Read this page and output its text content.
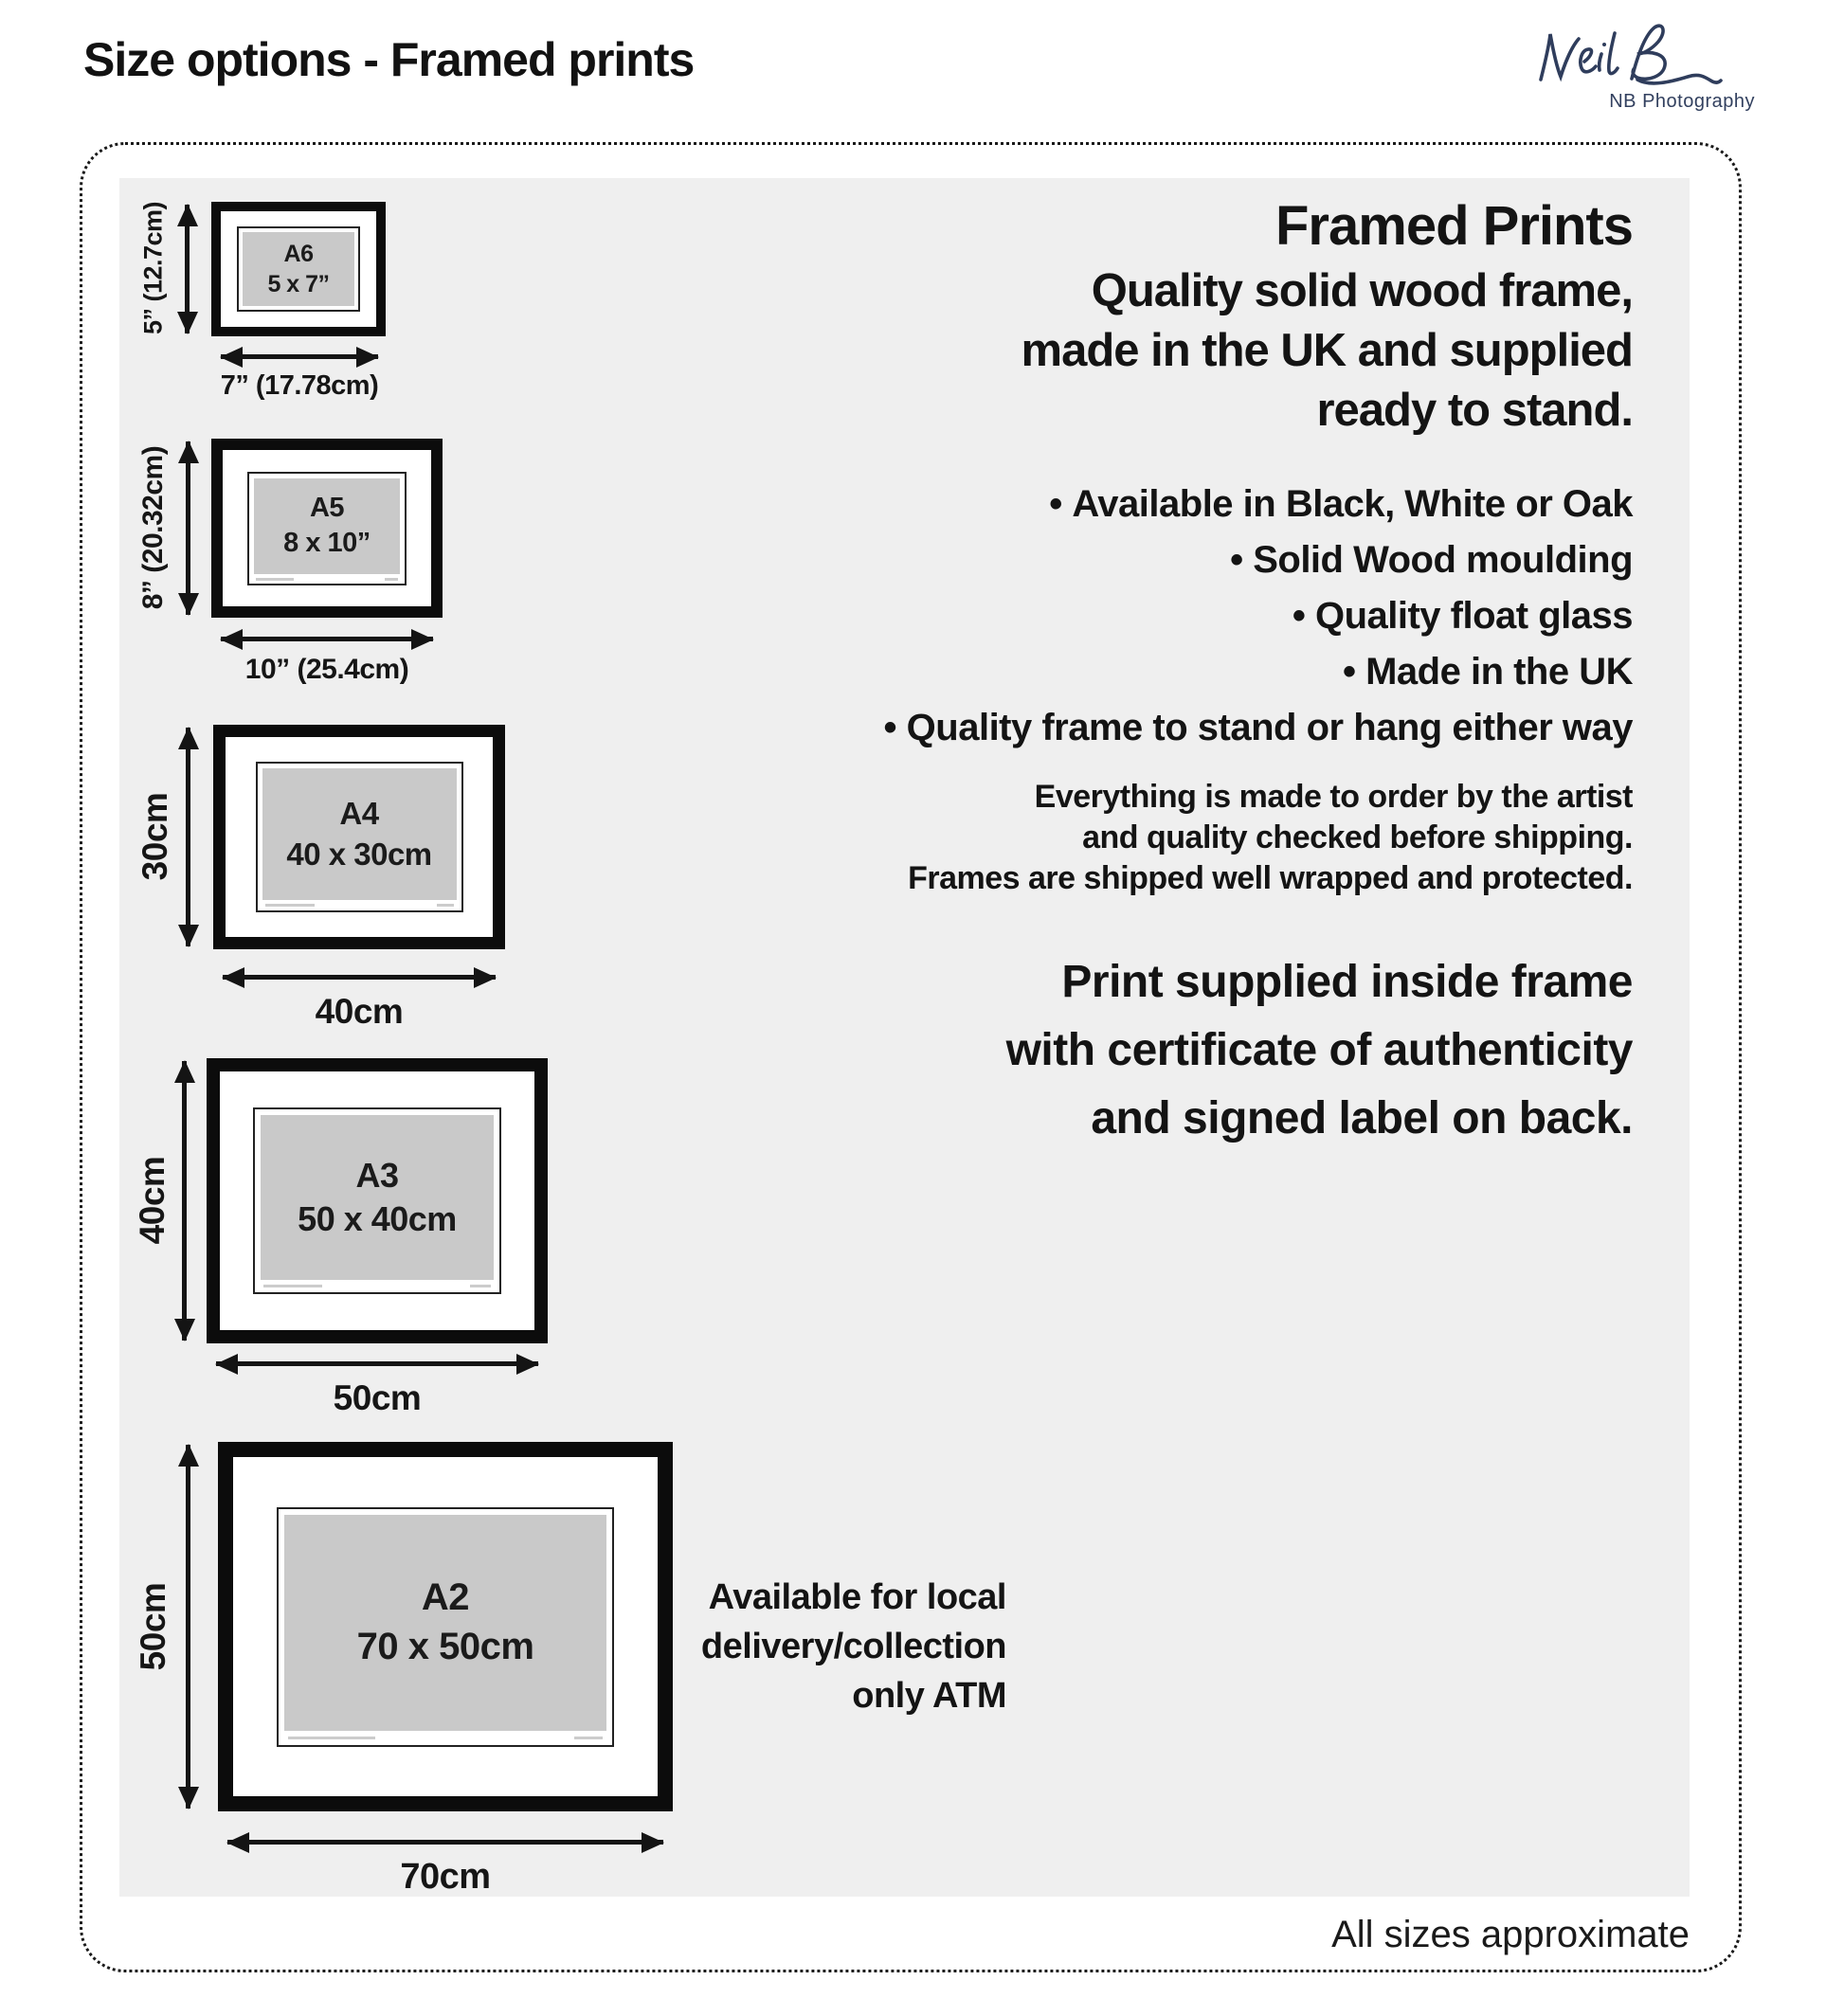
Size options - Framed prints
NB Photography
5” (12.7cm)	A6
5 x 7”
7” (17.78cm)
8” (20.32cm)	A5
8 x 10”
10” (25.4cm)
30cm	A4
40 x 30cm
40cm
40cm	A3
50 x 40cm
50cm
50cm	A2
70 x 50cm
70cm
Framed Prints
Quality solid wood frame,
made in the UK and supplied
ready to stand.
• Available in Black, White or Oak
• Solid Wood moulding
• Quality float glass
• Made in the UK
• Quality frame to stand or hang either way
Everything is made to order by the artist
and quality checked before shipping.
Frames are shipped well wrapped and protected.
Print supplied inside frame
with certificate of authenticity
and signed label on back.
Available for local
delivery/collection
only ATM
All sizes approximate
